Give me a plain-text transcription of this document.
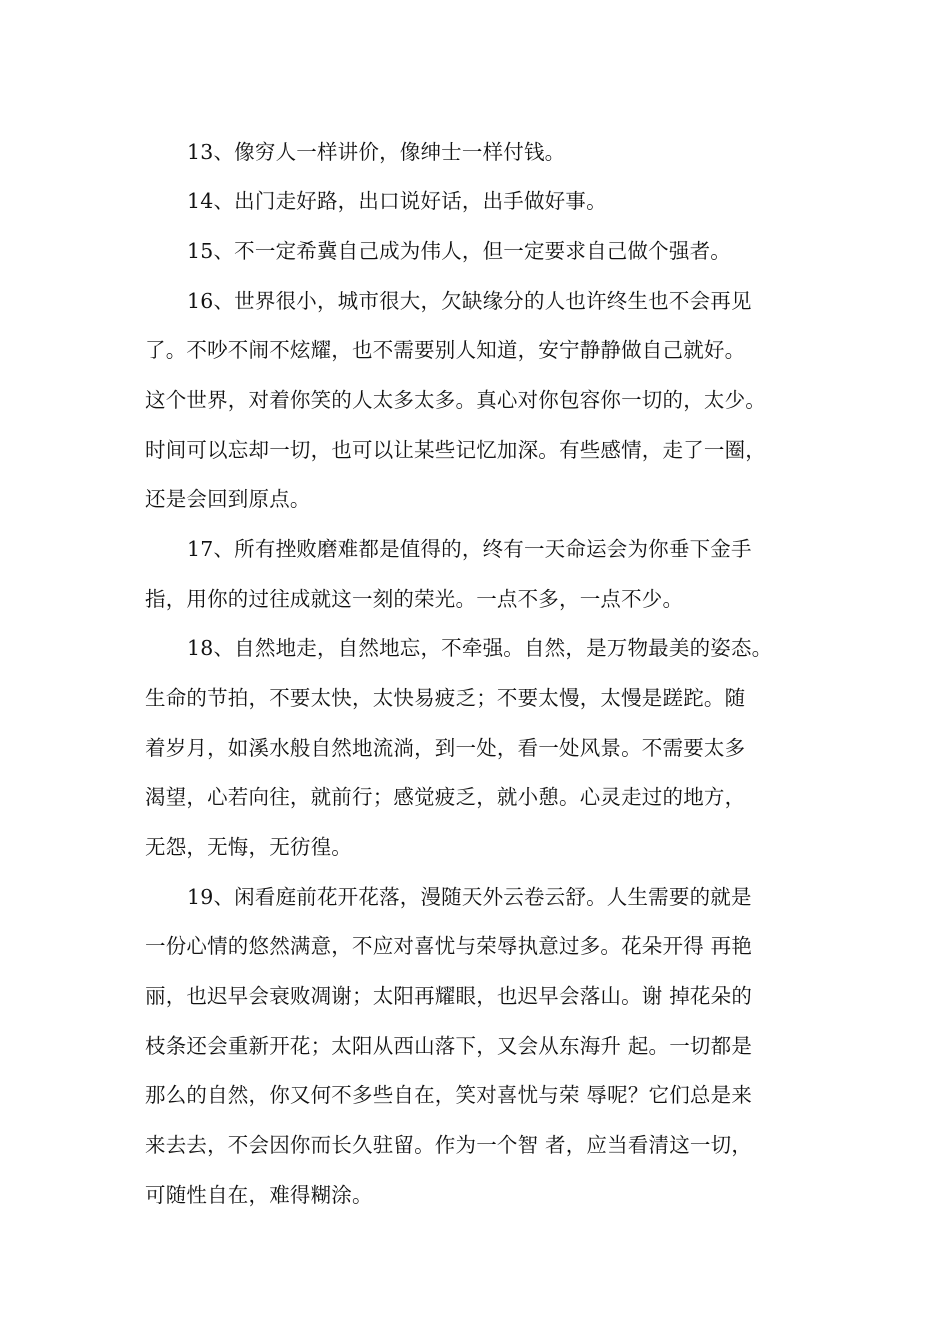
13、像穷人一样讲价，像绅士一样付钱。
14、出门走好路，出口说好话，出手做好事。
15、不一定希冀自己成为伟人，但一定要求自己做个强者。
16、世界很小，城市很大，欠缺缘分的人也许终生也不会再见
了。不吵不闹不炫耀，也不需要别人知道，安宁静静做自己就好。
这个世界，对着你笑的人太多太多。真心对你包容你一切的，太少。
时间可以忘却一切，也可以让某些记忆加深。有些感情，走了一圈，
还是会回到原点。
17、所有挫败磨难都是值得的，终有一天命运会为你垂下金手
指，用你的过往成就这一刻的荣光。一点不多，一点不少。
18、自然地走，自然地忘，不牵强。自然，是万物最美的姿态。
生命的节拍，不要太快，太快易疲乏；不要太慢，太慢是蹉跎。随
着岁月，如溪水般自然地流淌，到一处，看一处风景。不需要太多
渴望，心若向往，就前行；感觉疲乏，就小憩。心灵走过的地方，
无怨，无悔，无彷徨。
19、闲看庭前花开花落，漫随天外云卷云舒。人生需要的就是
一份心情的悠然满意，不应对喜忧与荣辱执意过多。花朵开得 再艳
丽，也迟早会衰败凋谢；太阳再耀眼，也迟早会落山。谢 掉花朵的
枝条还会重新开花；太阳从西山落下，又会从东海升 起。一切都是
那么的自然，你又何不多些自在，笑对喜忧与荣 辱呢？它们总是来
来去去，不会因你而长久驻留。作为一个智 者，应当看清这一切，
可随性自在，难得糊涂。
